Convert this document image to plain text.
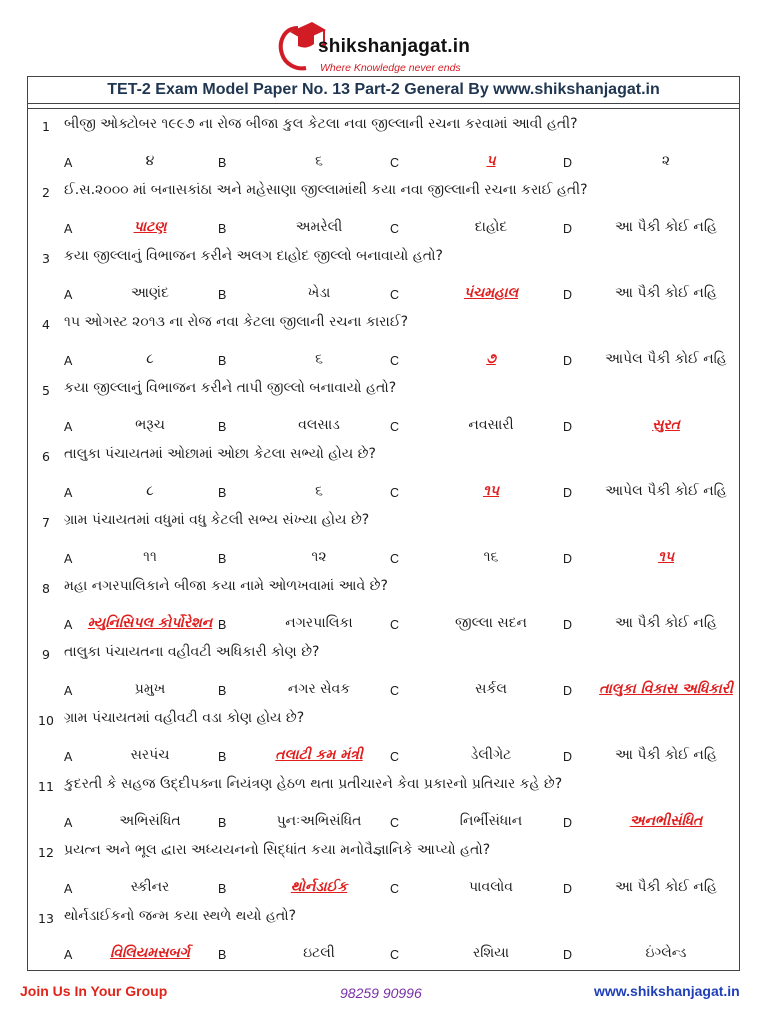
shikshanjagat.in
Where Knowledge never ends
TET-2 Exam Model Paper No. 13 Part-2 General By www.shikshanjagat.in
1	બીજી ઓક્ટોબર ૧૯૯૭ ના રોજ બીજા કુલ કેટલા નવા જીલ્લાની રચના કરવામાં આવી હતી?
A	૪	B	૬	C	૫	D	૨
2	ઈ.સ.૨૦૦૦ માં બનાસકાંઠા અને મહેસાણા જીલ્લામાંથી કયા નવા જીલ્લાની રચના કરાઈ હતી?
A	પાટણ	B	અમરેલી	C	દાહોદ	D	આ પૈકી કોઈ નહિ
3	કયા જીલ્લાનું વિભાજન કરીને અલગ દાહોદ જીલ્લો બનાવાયો હતો?
A	આણંદ	B	ખેડા	C	પંચમહાલ	D	આ પૈકી કોઈ નહિ
4	૧૫ ઓગસ્ટ ૨૦૧૩ ના રોજ નવા કેટલા જીલાની રચના કારાઈ?
A	૮	B	૬	C	૭	D	આપેલ પૈકી કોઈ નહિ
5	કયા જીલ્લાનું વિભાજન કરીને તાપી જીલ્લો બનાવાયો હતો?
A	ભરૂચ	B	વલસાડ	C	નવસારી	D	સુરત
6	તાલુકા પંચાયતમાં ઓછામાં ઓછા કેટલા સભ્યો હોય છે?
A	૮	B	૬	C	૧૫	D	આપેલ પૈકી કોઈ નહિ
7	ગ્રામ પંચાયતમાં વધુમાં વધુ કેટલી સભ્ય સંખ્યા હોય છે?
A	૧૧	B	૧૨	C	૧૬	D	૧૫
8	મહા નગરપાલિકાને બીજા કયા નામે ઓળખવામાં આવે છે?
A મ્યુનિસિપલ કોર્પોરેશન B	નગરપાલિકા	C	જીલ્લા સદન	D	આ પૈકી કોઈ નહિ
9	તાલુકા પંચાયતના વહીવટી અધિકારી કોણ છે?
A	પ્રમુખ	B	નગર સેવક	C	સર્કલ	D તાલુકા વિકાસ અધિકારી
10 ગ્રામ પંચાયતમાં વહીવટી વડા કોણ હોય છે?
A	સરપંચ	B	તલાટી કમ મંત્રી	C	ડેલીગેટ	D	આ પૈકી કોઈ નહિ
11 કુદરતી કે સહજ ઉદ્દીપક્ના નિયંત્રણ હેઠળ થતા પ્રતીચારને કેવા પ્રકારનો પ્રતિચાર કહે છે?
A	અભિસંધિત	B	પુનઃઅભિસંધિત	C	નિર્ભીસંધાન	D	અનભીસંધિત
12 પ્રયત્ન અને ભૂલ દ્વારા અધ્યયનનો સિદ્ધાંત કયા મનોવૈજ્ઞાનિકે આપ્યો હતો?
A	સ્કીનર	B	થોર્નડાઈક	C	પાવલોવ	D	આ પૈકી કોઈ નહિ
13 થોર્નડાઈકનો જન્મ કયા સ્થળે થયો હતો?
A	વિલિયમસબર્ગ	B	ઇટલી	C	રશિયા	D	ઇંગ્લેન્ડ
Join Us In Your Group	98259 90996	www.shikshanjagat.in
